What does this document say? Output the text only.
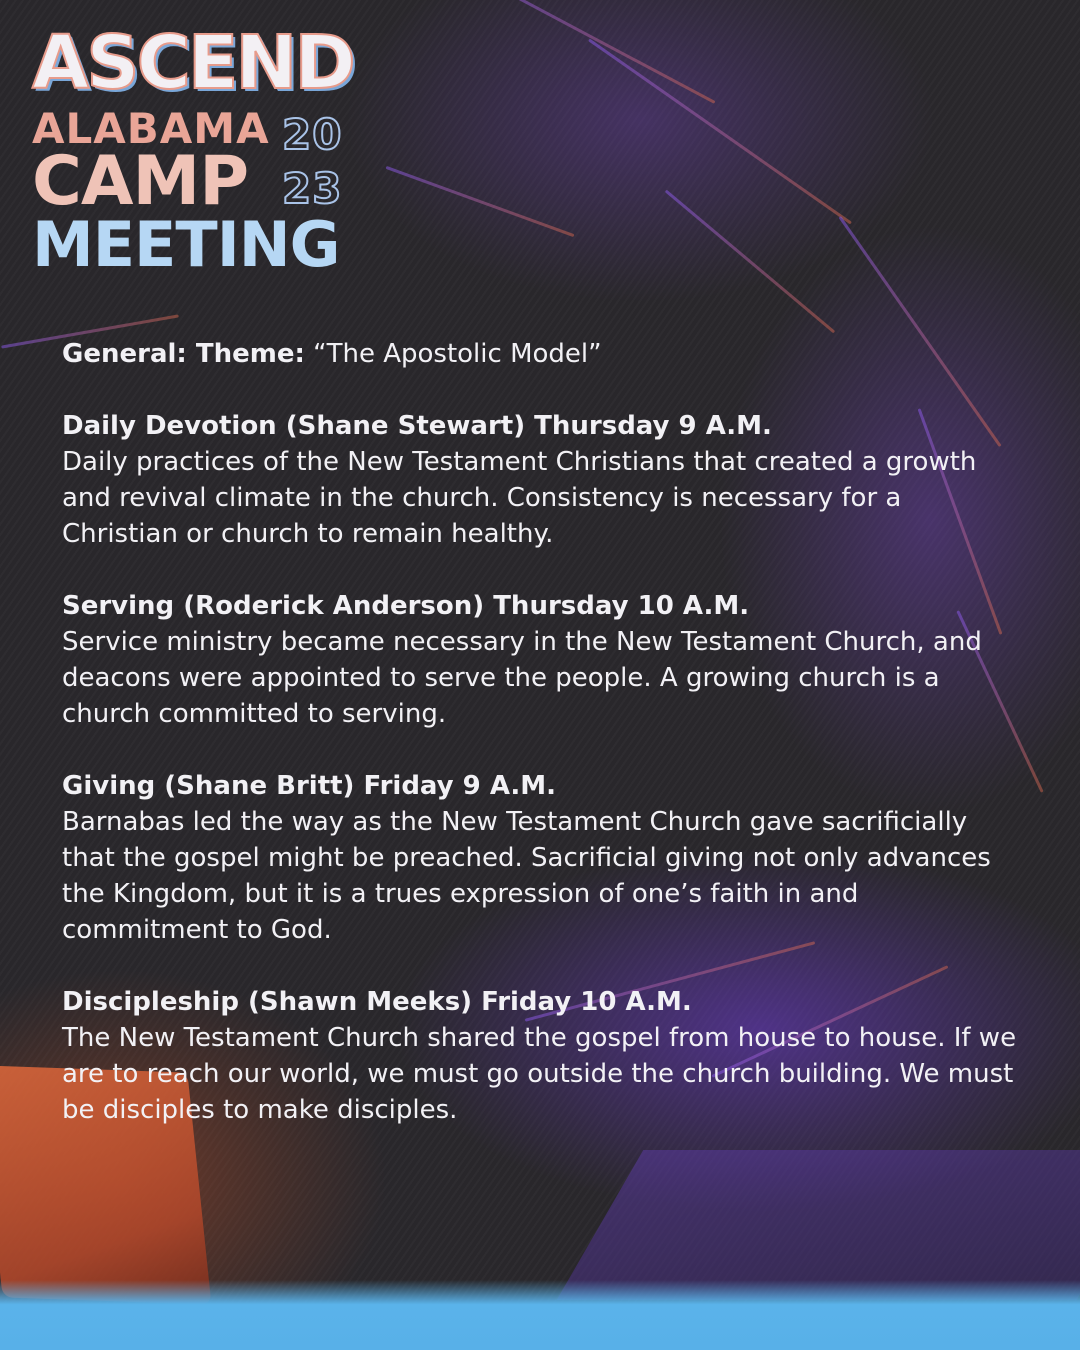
ASCEND
ALABAMA
CAMP
MEETING
20
23

General: Theme: “The Apostolic Model”

Daily Devotion (Shane Stewart) Thursday 9 A.M.

Daily practices of the New Testament Christians that created a growth and revival climate in the church. Consistency is necessary for a Christian or church to remain healthy.

Serving (Roderick Anderson) Thursday 10 A.M.

Service ministry became necessary in the New Testament Church, and deacons were appointed to serve the people. A growing church is a church committed to serving.

Giving (Shane Britt) Friday 9 A.M.

Barnabas led the way as the New Testament Church gave sacrificially that the gospel might be preached. Sacrificial giving not only advances the Kingdom, but it is a trues expression of one’s faith in and commitment to God.

Discipleship (Shawn Meeks) Friday 10 A.M.

The New Testament Church shared the gospel from house to house. If we are to reach our world, we must go outside the church building. We must be disciples to make disciples.
